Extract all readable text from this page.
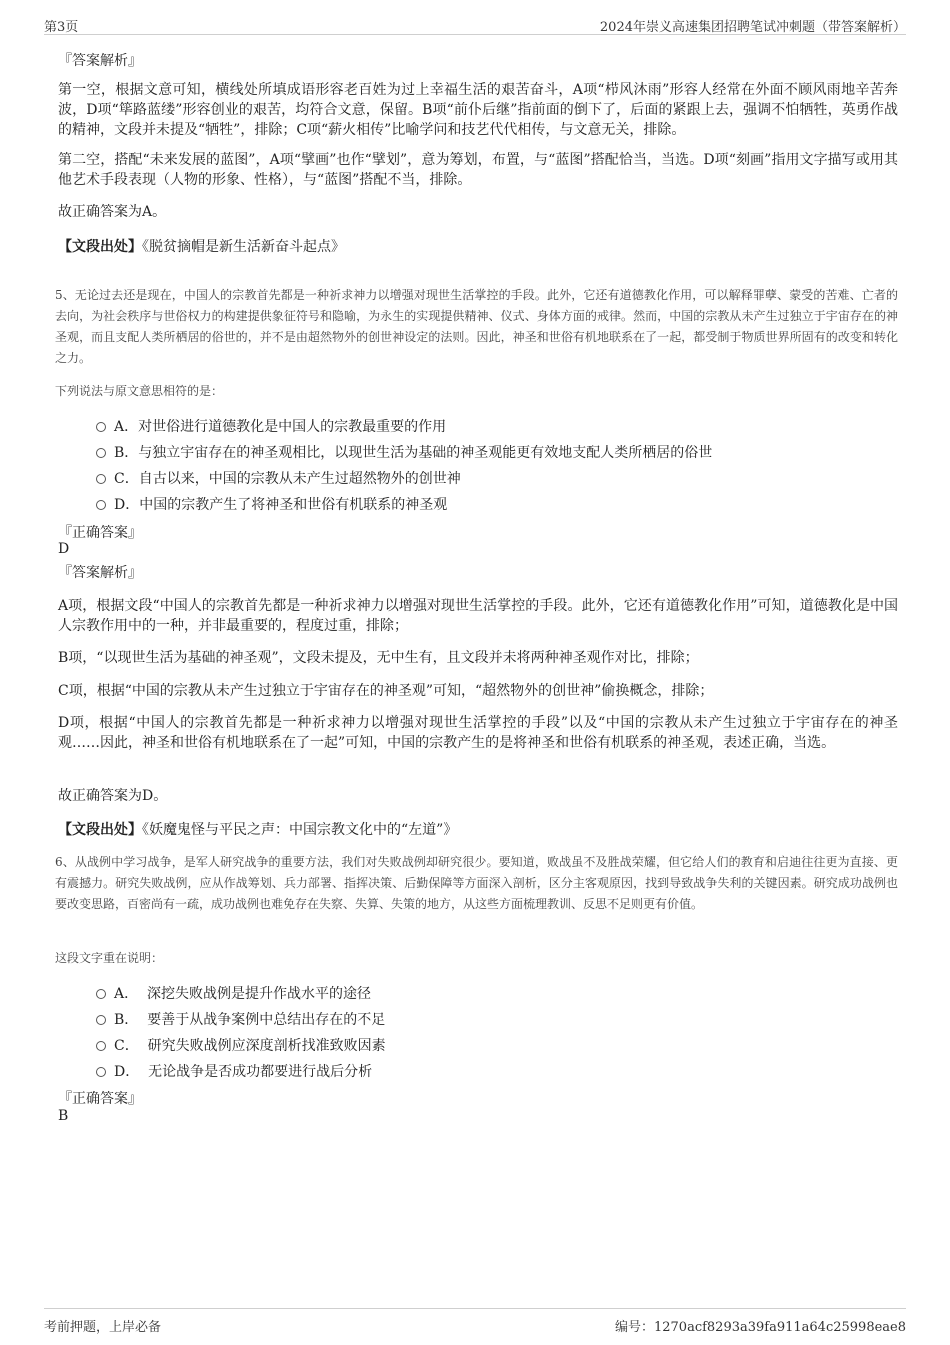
第3页	2024年崇义高速集团招聘笔试冲刺题（带答案解析）
『答案解析』
第一空，根据文意可知，横线处所填成语形容老百姓为过上幸福生活的艰苦奋斗，A项“栉风沐雨”形容人经常在外面不顾风雨地辛苦奔波，D项“筚路蓝缕”形容创业的艰苦，均符合文意，保留。B项“前仆后继”指前面的倒下了，后面的紧跟上去，强调不怕牺牲，英勇作战的精神，文段并未提及“牺牲”，排除；C项“薪火相传”比喻学问和技艺代代相传，与文意无关，排除。
第二空，搭配“未来发展的蓝图”，A项“擘画”也作“擘划”，意为筹划，布置，与“蓝图”搭配恰当，当选。D项“刻画”指用文字描写或用其他艺术手段表现（人物的形象、性格），与“蓝图”搭配不当，排除。
故正确答案为A。
【文段出处】《脱贫摘帽是新生活新奋斗起点》
5、无论过去还是现在，中国人的宗教首先都是一种祈求神力以增强对现世生活掌控的手段。此外，它还有道德教化作用，可以解释罪孽、蒙受的苦难、亡者的去向，为社会秩序与世俗权力的构建提供象征符号和隐喻，为永生的实现提供精神、仪式、身体方面的戒律。然而，中国的宗教从未产生过独立于宇宙存在的神圣观，而且支配人类所栖居的俗世的，并不是由超然物外的创世神设定的法则。因此，神圣和世俗有机地联系在了一起，都受制于物质世界所固有的改变和转化之力。
下列说法与原文意思相符的是：
A．对世俗进行道德教化是中国人的宗教最重要的作用
B．与独立宇宙存在的神圣观相比，以现世生活为基础的神圣观能更有效地支配人类所栖居的俗世
C．自古以来，中国的宗教从未产生过超然物外的创世神
D．中国的宗教产生了将神圣和世俗有机联系的神圣观
『正确答案』
D
『答案解析』
A项，根据文段“中国人的宗教首先都是一种祈求神力以增强对现世生活掌控的手段。此外，它还有道德教化作用”可知，道德教化是中国人宗教作用中的一种，并非最重要的，程度过重，排除；
B项，“以现世生活为基础的神圣观”，文段未提及，无中生有，且文段并未将两种神圣观作对比，排除；
C项，根据“中国的宗教从未产生过独立于宇宙存在的神圣观”可知，“超然物外的创世神”偷换概念，排除；
D项，根据“中国人的宗教首先都是一种祈求神力以增强对现世生活掌控的手段”以及“中国的宗教从未产生过独立于宇宙存在的神圣观……因此，神圣和世俗有机地联系在了一起”可知，中国的宗教产生的是将神圣和世俗有机联系的神圣观，表述正确，当选。
故正确答案为D。
【文段出处】《妖魔鬼怪与平民之声：中国宗教文化中的“左道”》
6、从战例中学习战争，是军人研究战争的重要方法，我们对失败战例却研究很少。要知道，败战虽不及胜战荣耀，但它给人们的教育和启迪往往更为直接、更有震撼力。研究失败战例，应从作战筹划、兵力部署、指挥决策、后勤保障等方面深入剖析，区分主客观原因，找到导致战争失利的关键因素。研究成功战例也要改变思路，百密尚有一疏，成功战例也难免存在失察、失算、失策的地方，从这些方面梳理教训、反思不足则更有价值。
这段文字重在说明：
A． 深挖失败战例是提升作战水平的途径
B． 要善于从战争案例中总结出存在的不足
C． 研究失败战例应深度剖析找准致败因素
D． 无论战争是否成功都要进行战后分析
『正确答案』
B
考前押题，上岸必备	编号：1270acf8293a39fa911a64c25998eae8
